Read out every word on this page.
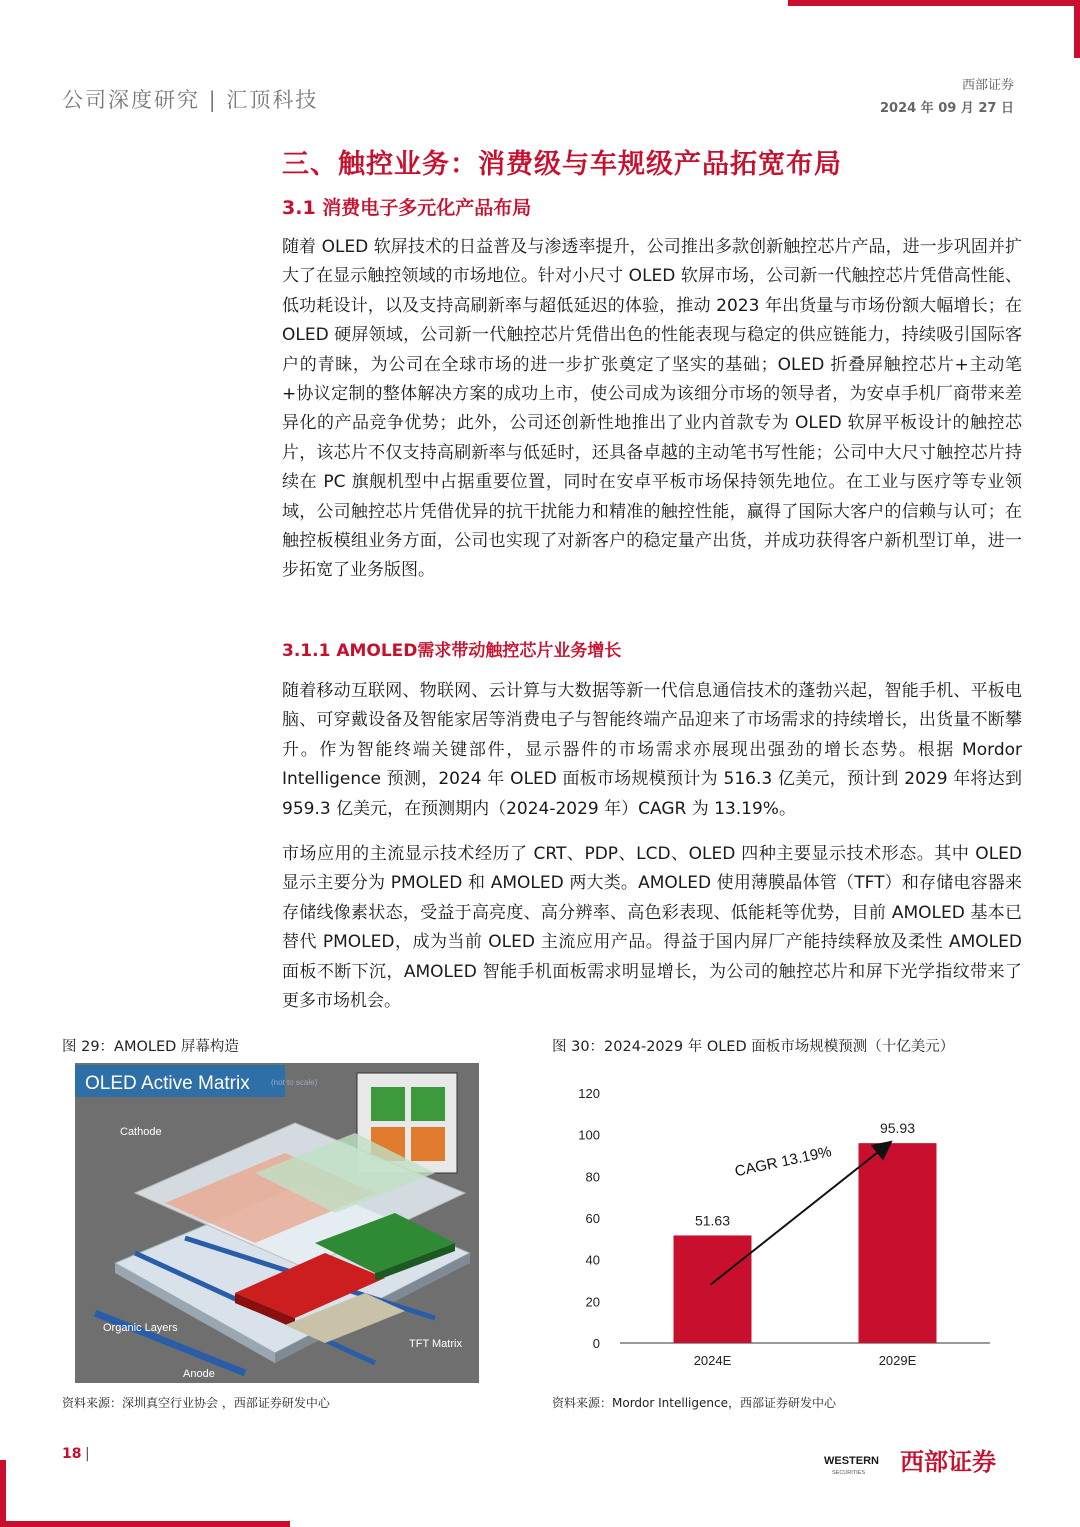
公司深度研究 | 汇顶科技
西部证券
2024 年 09 月 27 日
三、触控业务：消费级与车规级产品拓宽布局
3.1 消费电子多元化产品布局
随着 OLED 软屏技术的日益普及与渗透率提升，公司推出多款创新触控芯片产品，进一步巩固并扩大了在显示触控领域的市场地位。针对小尺寸 OLED 软屏市场，公司新一代触控芯片凭借高性能、低功耗设计，以及支持高刷新率与超低延迟的体验，推动 2023 年出货量与市场份额大幅增长；在 OLED 硬屏领域，公司新一代触控芯片凭借出色的性能表现与稳定的供应链能力，持续吸引国际客户的青睐，为公司在全球市场的进一步扩张奠定了坚实的基础；OLED 折叠屏触控芯片+主动笔+协议定制的整体解决方案的成功上市，使公司成为该细分市场的领导者，为安卓手机厂商带来差异化的产品竞争优势；此外，公司还创新性地推出了业内首款专为 OLED 软屏平板设计的触控芯片，该芯片不仅支持高刷新率与低延时，还具备卓越的主动笔书写性能；公司中大尺寸触控芯片持续在 PC 旗舰机型中占据重要位置，同时在安卓平板市场保持领先地位。在工业与医疗等专业领域，公司触控芯片凭借优异的抗干扰能力和精准的触控性能，赢得了国际大客户的信赖与认可；在触控板模组业务方面，公司也实现了对新客户的稳定量产出货，并成功获得客户新机型订单，进一步拓宽了业务版图。
3.1.1 AMOLED需求带动触控芯片业务增长
随着移动互联网、物联网、云计算与大数据等新一代信息通信技术的蓬勃兴起，智能手机、平板电脑、可穿戴设备及智能家居等消费电子与智能终端产品迎来了市场需求的持续增长，出货量不断攀升。作为智能终端关键部件，显示器件的市场需求亦展现出强劲的增长态势。根据 Mordor Intelligence 预测，2024 年 OLED 面板市场规模预计为 516.3 亿美元，预计到 2029 年将达到 959.3 亿美元，在预测期内（2024-2029 年）CAGR 为 13.19%。
市场应用的主流显示技术经历了 CRT、PDP、LCD、OLED 四种主要显示技术形态。其中 OLED 显示主要分为 PMOLED 和 AMOLED 两大类。AMOLED 使用薄膜晶体管（TFT）和存储电容器来存储线像素状态，受益于高亮度、高分辨率、高色彩表现、低能耗等优势，目前 AMOLED 基本已替代 PMOLED，成为当前 OLED 主流应用产品。得益于国内屏厂产能持续释放及柔性 AMOLED 面板不断下沉，AMOLED 智能手机面板需求明显增长，为公司的触控芯片和屏下光学指纹带来了更多市场机会。
图 29：AMOLED 屏幕构造
OLED Active Matrix	(not to scale)
Cathode
Organic Layers
Anode
TFT Matrix
资料来源：深圳真空行业协会 ，西部证券研发中心
图 30：2024-2029 年 OLED 面板市场规模预测（十亿美元）
0
20
40
60
80
100
120
51.63
2024E
95.93
2029E
CAGR 13.19%
资料来源：Mordor Intelligence，西部证券研发中心
18 |	WESTERN
SECURITIES 西部证券
